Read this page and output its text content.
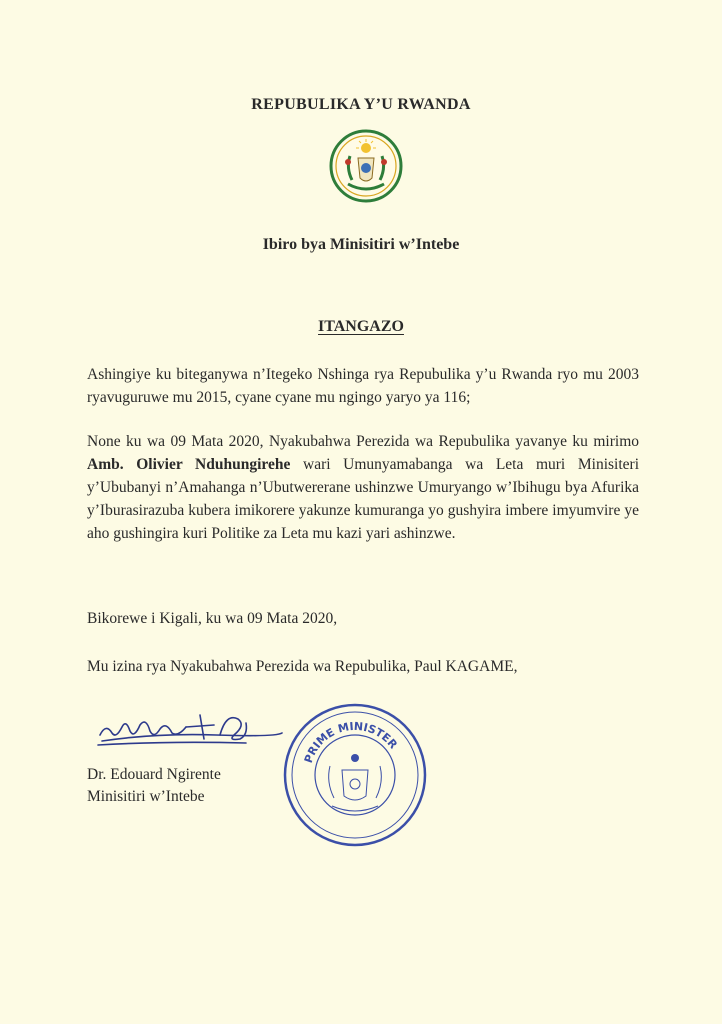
REPUBULIKA Y’U RWANDA
Ibiro bya Minisitiri w’Intebe
ITANGAZO

Ashingiye ku biteganywa n’Itegeko Nshinga rya Repubulika y’u Rwanda ryo mu 2003 ryavuguruwe mu 2015, cyane cyane mu ngingo yaryo ya 116;

None ku wa 09 Mata 2020, Nyakubahwa Perezida wa Repubulika yavanye ku mirimo Amb. Olivier Nduhungirehe wari Umunyamabanga wa Leta muri Minisiteri y’Ububanyi n’Amahanga n’Ubutwererane ushinzwe Umuryango w’Ibihugu bya Afurika y’Iburasirazuba kubera imikorere yakunze kumuranga yo gushyira imbere imyumvire ye aho gushingira kuri Politike za Leta mu kazi yari ashinzwe.

Bikorewe i Kigali, ku wa 09 Mata 2020,

Mu izina rya Nyakubahwa Perezida wa Repubulika, Paul KAGAME,

Dr. Edouard Ngirente
Minisitiri w’Intebe
PRIME MINISTER
